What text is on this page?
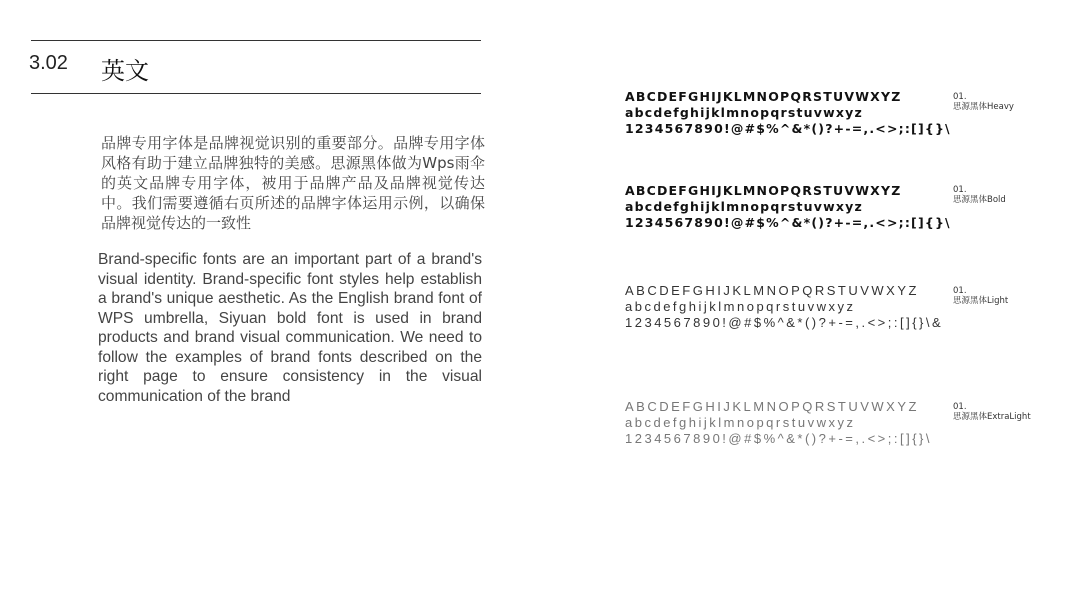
3.02 英文
品牌专用字体是品牌视觉识别的重要部分。品牌专用字体风格有助于建立品牌独特的美感。思源黑体做为Wps雨伞的英文品牌专用字体，被用于品牌产品及品牌视觉传达中。我们需要遵循右页所述的品牌字体运用示例，以确保品牌视觉传达的一致性
Brand-specific fonts are an important part of a brand's visual identity. Brand-specific font styles help establish a brand's unique aesthetic. As the English brand font of WPS umbrella, Siyuan bold font is used in brand products and brand visual communication. We need to follow the examples of brand fonts described on the right page to ensure consistency in the visual communication of the brand
ABCDEFGHIJKLMNOPQRSTUVWXYZ
abcdefghijklmnopqrstuvwxyz
1234567890!@#$%^&*()?+-=,.<>;:[]{}\
01.
思源黑体Heavy
ABCDEFGHIJKLMNOPQRSTUVWXYZ
abcdefghijklmnopqrstuvwxyz
1234567890!@#$%^&*()?+-=,.<>;:[]{}\
01.
思源黑体Bold
ABCDEFGHIJKLMNOPQRSTUVWXYZ
abcdefghijklmnopqrstuvwxyz
1234567890!@#$%^&*()?+-=,.<>;:[]{}\&
01.
思源黑体Light
ABCDEFGHIJKLMNOPQRSTUVWXYZ
abcdefghijklmnopqrstuvwxyz
1234567890!@#$%^&*()?+-=,.<>;:[]{}\
01.
思源黑体ExtraLight
